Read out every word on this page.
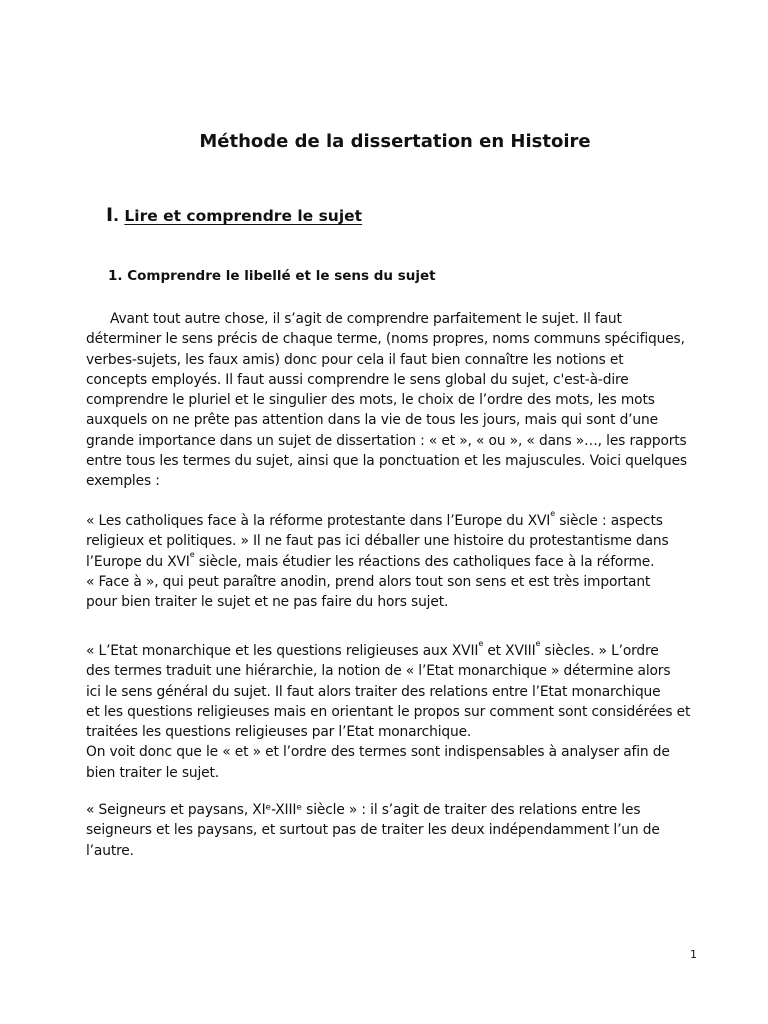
Méthode de la dissertation en Histoire
I. Lire et comprendre le sujet
1. Comprendre le libellé et le sens du sujet
Avant tout autre chose, il s’agit de comprendre parfaitement le sujet. Il faut
déterminer le sens précis de chaque terme, (noms propres, noms communs spécifiques,
verbes-sujets, les faux amis) donc pour cela il faut bien connaître les notions et
concepts employés. Il faut aussi comprendre le sens global du sujet, c'est-à-dire
comprendre le pluriel et le singulier des mots, le choix de l’ordre des mots, les mots
auxquels on ne prête pas attention dans la vie de tous les jours, mais qui sont d’une
grande importance dans un sujet de dissertation : « et », « ou », « dans »…, les rapports
entre tous les termes du sujet, ainsi que la ponctuation et les majuscules. Voici quelques
exemples :
« Les catholiques face à la réforme protestante dans l’Europe du XVIe siècle : aspects
religieux et politiques. » Il ne faut pas ici déballer une histoire du protestantisme dans
l’Europe du XVIe siècle, mais étudier les réactions des catholiques face à la réforme.
« Face à », qui peut paraître anodin, prend alors tout son sens et est très important
pour bien traiter le sujet et ne pas faire du hors sujet.
« L’Etat monarchique et les questions religieuses aux XVIIe et XVIIIe siècles. » L’ordre
des termes traduit une hiérarchie, la notion de « l’Etat monarchique » détermine alors
ici le sens général du sujet. Il faut alors traiter des relations entre l’Etat monarchique
et les questions religieuses mais en orientant le propos sur comment sont considérées et
traitées les questions religieuses par l’Etat monarchique.
On voit donc que le « et » et l’ordre des termes sont indispensables à analyser afin de
bien traiter le sujet.
« Seigneurs et paysans, XIᵉ-XIIIᵉ siècle » : il s’agit de traiter des relations entre les
seigneurs et les paysans, et surtout pas de traiter les deux indépendamment l’un de
l’autre.

1
